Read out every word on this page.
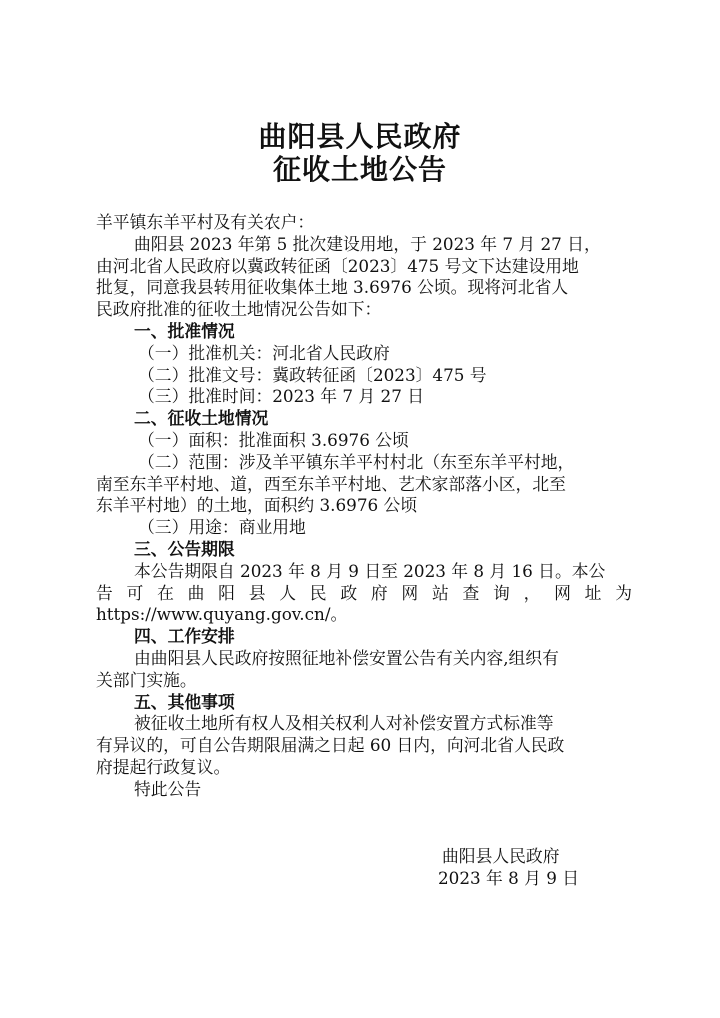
曲阳县人民政府
征收土地公告
羊平镇东羊平村及有关农户：
曲阳县 2023 年第 5 批次建设用地，于 2023 年 7 月 27 日，
由河北省人民政府以冀政转征函〔2023〕475 号文下达建设用地
批复，同意我县转用征收集体土地 3.6976 公顷。现将河北省人
民政府批准的征收土地情况公告如下：
一、批准情况
（一）批准机关：河北省人民政府
（二）批准文号：冀政转征函〔2023〕475 号
（三）批准时间：2023 年 7 月 27 日
二、征收土地情况
（一）面积：批准面积 3.6976 公顷
（二）范围：涉及羊平镇东羊平村村北（东至东羊平村地，
南至东羊平村地、道，西至东羊平村地、艺术家部落小区，北至
东羊平村地）的土地，面积约 3.6976 公顷
（三）用途：商业用地
三、公告期限
本公告期限自 2023 年 8 月 9 日至 2023 年 8 月 16 日。本公
告可在曲阳县人民政府网站查询，网址为
https://www.quyang.gov.cn/。
四、工作安排
由曲阳县人民政府按照征地补偿安置公告有关内容,组织有
关部门实施。
五、其他事项
被征收土地所有权人及相关权利人对补偿安置方式标准等
有异议的，可自公告期限届满之日起 60 日内，向河北省人民政
府提起行政复议。
特此公告
曲阳县人民政府
2023 年 8 月 9 日
